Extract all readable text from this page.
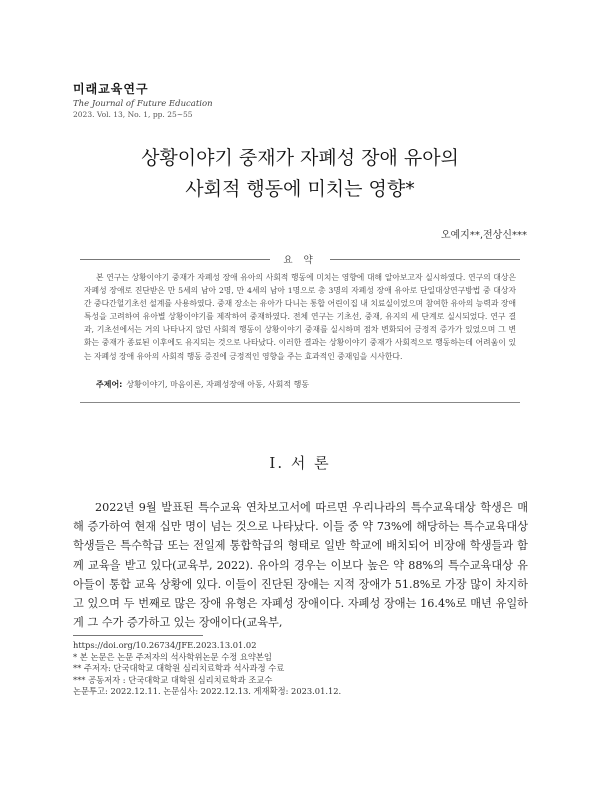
미래교육연구
The Journal of Future Education
2023. Vol. 13, No. 1, pp. 25~55
상황이야기 중재가 자폐성 장애 유아의
사회적 행동에 미치는 영향*
오예지**,전상신***
요 약
본 연구는 상황이야기 중재가 자폐성 장애 유아의 사회적 행동에 미치는 영향에 대해 알아보고자 실시하였다. 연구의 대상은 자폐성 장애로 진단받은 만 5세의 남아 2명, 만 4세의 남아 1명으로 총 3명의 자폐성 장애 유아로 단일대상연구방법 중 대상자간 중다간헐기초선 설계를 사용하였다. 중재 장소는 유아가 다니는 통합 어린이집 내 치료실이었으며 참여한 유아의 능력과 장애 특성을 고려하여 유아별 상황이야기를 제작하여 중재하였다. 전체 연구는 기초선, 중재, 유지의 세 단계로 실시되었다. 연구 결과, 기초선에서는 거의 나타나지 않던 사회적 행동이 상황이야기 중재를 실시하며 점차 변화되어 긍정적 증가가 있었으며 그 변화는 중재가 종료된 이후에도 유지되는 것으로 나타났다. 이러한 결과는 상황이야기 중재가 사회적으로 행동하는데 어려움이 있는 자폐성 장애 유아의 사회적 행동 증진에 긍정적인 영향을 주는 효과적인 중재임을 시사한다.
주제어: 상황이야기, 마음이론, 자폐성장애 아동, 사회적 행동
Ⅰ. 서 론
2022년 9월 발표된 특수교육 연차보고서에 따르면 우리나라의 특수교육대상 학생은 매해 증가하여 현재 십만 명이 넘는 것으로 나타났다. 이들 중 약 73%에 해당하는 특수교육대상 학생들은 특수학급 또는 전일제 통합학급의 형태로 일반 학교에 배치되어 비장애 학생들과 함께 교육을 받고 있다(교육부, 2022). 유아의 경우는 이보다 높은 약 88%의 특수교육대상 유아들이 통합 교육 상황에 있다. 이들이 진단된 장애는 지적 장애가 51.8%로 가장 많이 차지하고 있으며 두 번째로 많은 장애 유형은 자폐성 장애이다. 자폐성 장애는 16.4%로 매년 유일하게 그 수가 증가하고 있는 장애이다(교육부,
https://doi.org/10.26734/JFE.2023.13.01.02
* 본 논문은 논문 주저자의 석사학위논문 수정 요약본임
** 주저자: 단국대학교 대학원 심리치료학과 석사과정 수료
*** 공동저자 : 단국대학교 대학원 심리치료학과 조교수
논문투고: 2022.12.11. 논문심사: 2022.12.13. 게재확정: 2023.01.12.
